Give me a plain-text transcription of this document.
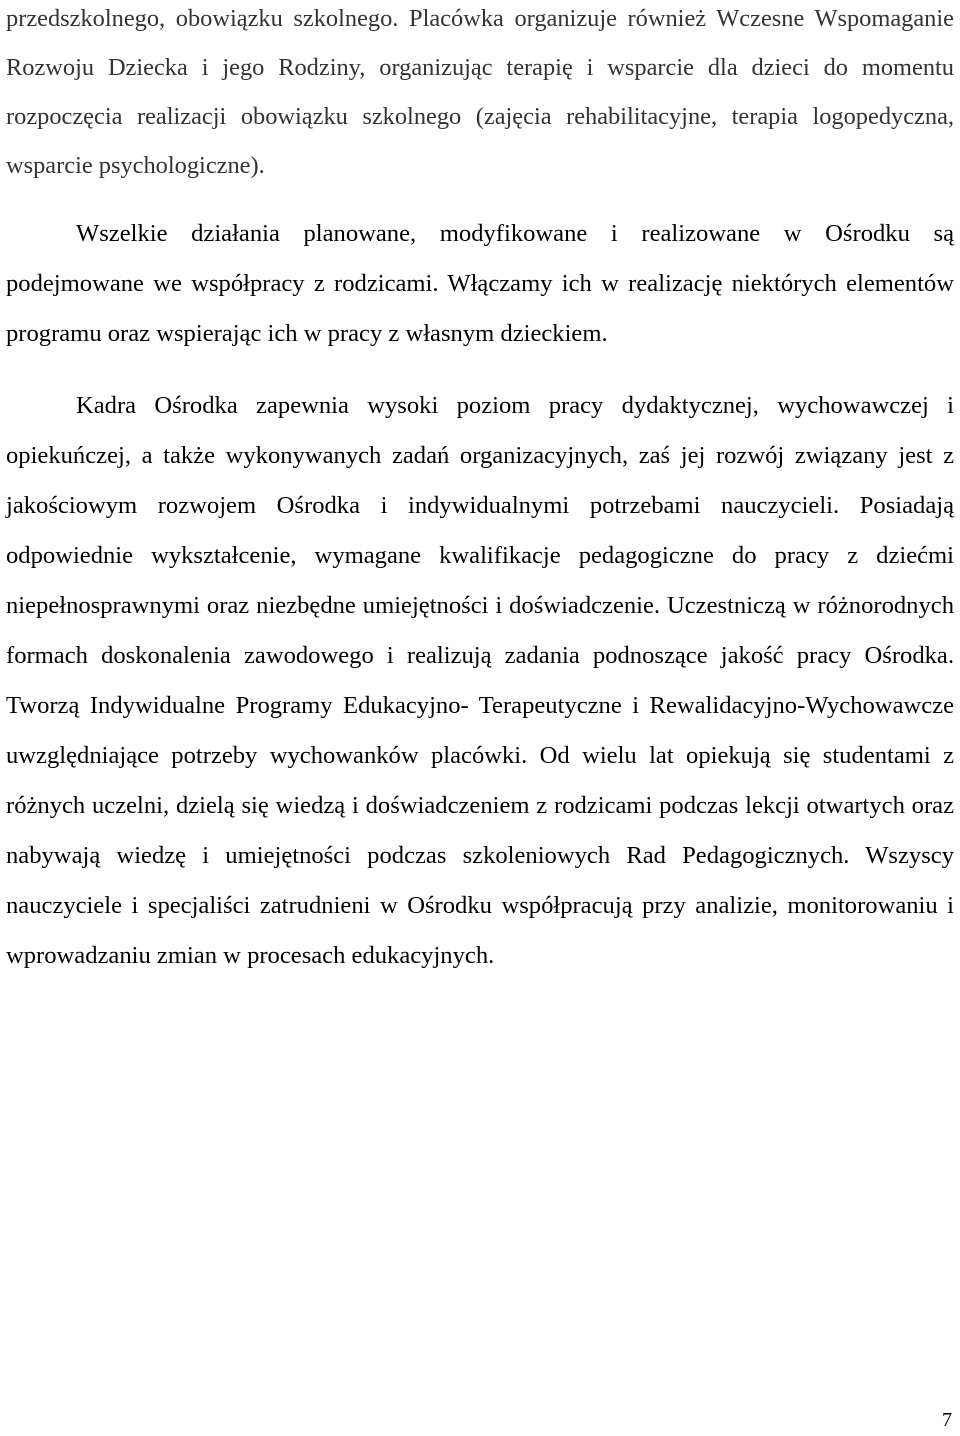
przedszkolnego, obowiązku szkolnego. Placówka organizuje również Wczesne Wspomaganie Rozwoju Dziecka i jego Rodziny, organizując terapię i wsparcie dla dzieci do momentu rozpoczęcia realizacji obowiązku szkolnego (zajęcia rehabilitacyjne, terapia logopedyczna, wsparcie psychologiczne).

Wszelkie działania planowane, modyfikowane i realizowane w Ośrodku są podejmowane we współpracy z rodzicami. Włączamy ich w realizację niektórych elementów programu oraz wspierając ich w pracy z własnym dzieckiem.

Kadra Ośrodka zapewnia wysoki poziom pracy dydaktycznej, wychowawczej i opiekuńczej, a także wykonywanych zadań organizacyjnych, zaś jej rozwój związany jest z jakościowym rozwojem Ośrodka i indywidualnymi potrzebami nauczycieli. Posiadają odpowiednie wykształcenie, wymagane kwalifikacje pedagogiczne do pracy z dziećmi niepełnosprawnymi oraz niezbędne umiejętności i doświadczenie. Uczestniczą w różnorodnych formach doskonalenia zawodowego i realizują zadania podnoszące jakość pracy Ośrodka. Tworzą Indywidualne Programy Edukacyjno- Terapeutyczne i Rewalidacyjno-Wychowawcze uwzględniające potrzeby wychowanków placówki. Od wielu lat opiekują się studentami z różnych uczelni, dzielą się wiedzą i doświadczeniem z rodzicami podczas lekcji otwartych oraz nabywają wiedzę i umiejętności podczas szkoleniowych Rad Pedagogicznych. Wszyscy nauczyciele i specjaliści zatrudnieni w Ośrodku współpracują przy analizie, monitorowaniu i wprowadzaniu zmian w procesach edukacyjnych.

7
